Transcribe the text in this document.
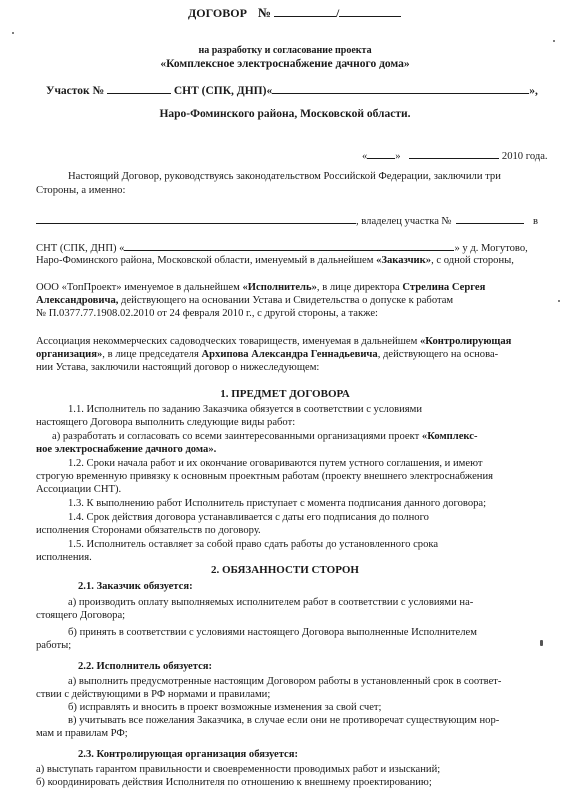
ДОГОВОР №	/
на разработку и согласование проекта
«Комплексное электроснабжение дачного дома»
Участок №	СНТ (СПК, ДНП)«	»,
Наро-Фоминского района, Московской области.
«	»	2010 года.
Настоящий Договор, руководствуясь законодательством Российской Федерации, заключили три
Стороны, а именно:
, владелец участка №	в
СНТ (СПК, ДНП) «	» у д. Могутово,
Наро-Фоминского района, Московской области, именуемый в дальнейшем «Заказчик», с одной стороны,
ООО «ТопПроект» именуемое в дальнейшем «Исполнитель», в лице директора Стрелина Сергея
Александровича, действующего на основании Устава и Свидетельства о допуске к работам
№ П.0377.77.1908.02.2010 от 24 февраля 2010 г., с другой стороны, а также:
Ассоциация некоммерческих садоводческих товариществ, именуемая в дальнейшем «Контролирующая
организация», в лице председателя Архипова Александра Геннадьевича, действующего на основа-
нии Устава, заключили настоящий договор о нижеследующем:
1. ПРЕДМЕТ ДОГОВОРА
1.1. Исполнитель по заданию Заказчика обязуется в соответствии с условиями
настоящего Договора выполнить следующие виды работ:
а) разработать и согласовать со всеми заинтересованными организациями проект «Комплекс-
ное электроснабжение дачного дома».
1.2. Сроки начала работ и их окончание оговариваются путем устного соглашения, и имеют
строгую временную привязку к основным проектным работам (проекту внешнего электроснабжения
Ассоциации СНТ).
1.3. К выполнению работ Исполнитель приступает с момента подписания данного договора;
1.4. Срок действия договора устанавливается с даты его подписания до полного
исполнения Сторонами обязательств по договору.
1.5. Исполнитель оставляет за собой право сдать работы до установленного срока
исполнения.
2. ОБЯЗАННОСТИ СТОРОН
2.1. Заказчик обязуется:
а) производить оплату выполняемых исполнителем работ в соответствии с условиями на-
стоящего Договора;
б) принять в соответствии с условиями настоящего Договора выполненные Исполнителем
работы;
2.2. Исполнитель обязуется:
а) выполнить предусмотренные настоящим Договором работы в установленный срок в соответ-
ствии с действующими в РФ нормами и правилами;
б) исправлять и вносить в проект возможные изменения за свой счет;
в) учитывать все пожелания Заказчика, в случае если они не противоречат существующим нор-
мам и правилам РФ;
2.3. Контролирующая организация обязуется:
а) выступать гарантом правильности и своевременности проводимых работ и изысканий;
б) координировать действия Исполнителя по отношению к внешнему проектированию;
